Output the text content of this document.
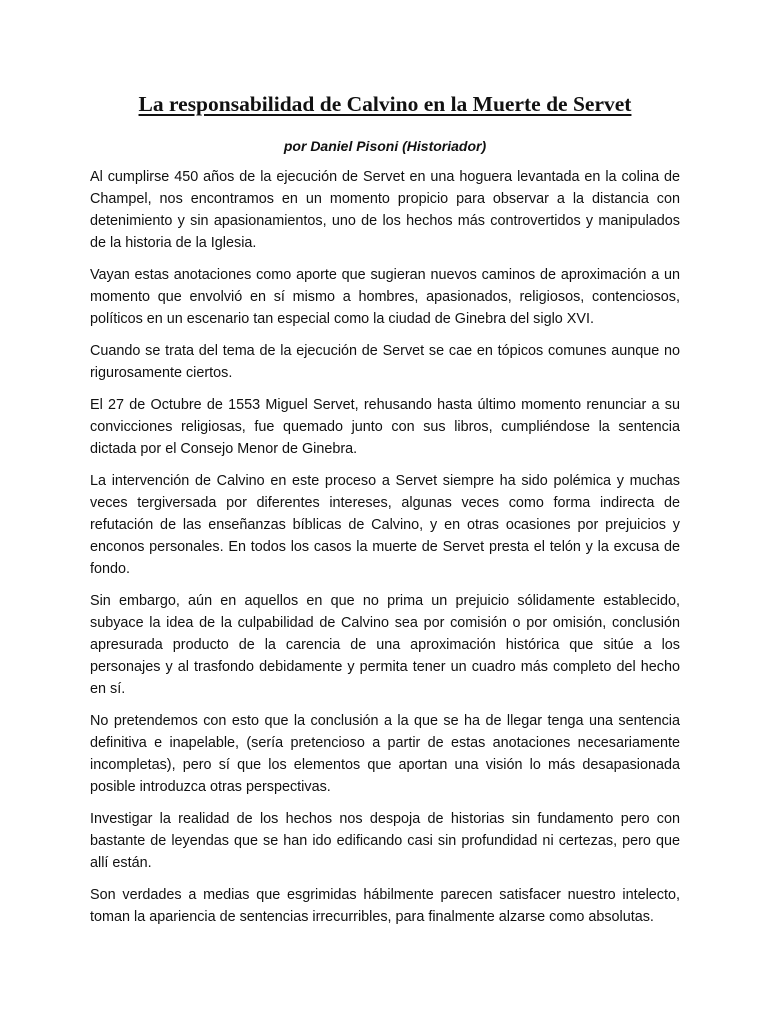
La responsabilidad de Calvino en la Muerte de Servet

por Daniel Pisoni (Historiador)

Al cumplirse 450 años de la ejecución de Servet en una hoguera levantada en la colina de Champel, nos encontramos en un momento propicio para observar a la distancia con detenimiento y sin apasionamientos, uno de los hechos más controvertidos y manipulados de la historia de la Iglesia.

Vayan estas anotaciones como aporte que sugieran nuevos caminos de aproximación a un momento que envolvió en sí mismo a hombres, apasionados, religiosos, contenciosos, políticos en un escenario tan especial como la ciudad de Ginebra del siglo XVI.

Cuando se trata del tema de la ejecución de Servet se cae en tópicos comunes aunque no rigurosamente ciertos.

El 27 de Octubre de 1553 Miguel Servet, rehusando hasta último momento renunciar a su convicciones religiosas, fue quemado junto con sus libros, cumpliéndose la sentencia dictada por el Consejo Menor de Ginebra.

La intervención de Calvino en este proceso a Servet siempre ha sido polémica y muchas veces tergiversada por diferentes intereses, algunas veces como forma indirecta de refutación de las enseñanzas bíblicas de Calvino, y en otras ocasiones por prejuicios y enconos personales. En todos los casos la muerte de Servet presta el telón y la excusa de fondo.

Sin embargo, aún en aquellos en que no prima un prejuicio sólidamente establecido, subyace la idea de la culpabilidad de Calvino sea por comisión o por omisión, conclusión apresurada producto de la carencia de una aproximación histórica que sitúe a los personajes y al trasfondo debidamente y permita tener un cuadro más completo del hecho en sí.

No pretendemos con esto que la conclusión a la que se ha de llegar tenga una sentencia definitiva e inapelable, (sería pretencioso a partir de estas anotaciones necesariamente incompletas), pero sí que los elementos que aportan una visión lo más desapasionada posible introduzca otras perspectivas.

Investigar la realidad de los hechos nos despoja de historias sin fundamento pero con bastante de leyendas que se han ido edificando casi sin profundidad ni certezas, pero que allí están.

Son verdades a medias que esgrimidas hábilmente parecen satisfacer nuestro intelecto, toman la apariencia de sentencias irrecurribles, para finalmente alzarse como absolutas.
